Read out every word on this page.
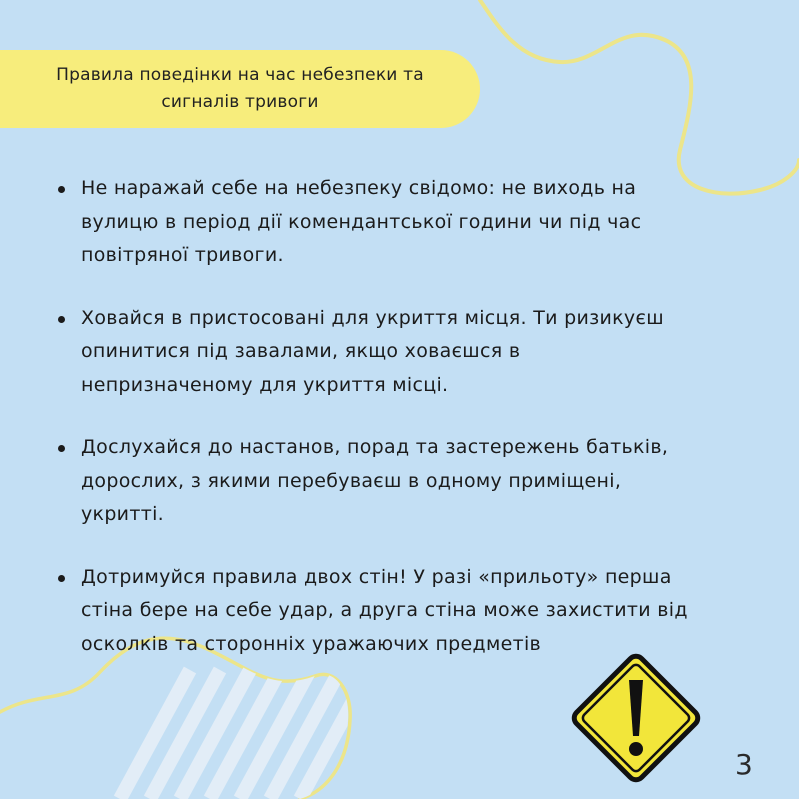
Правила поведінки на час небезпеки та
сигналів тривоги
Не наражай себе на небезпеку свідомо: не виходь на
вулицю в період дії комендантської години чи під час
повітряної тривоги.
Ховайся в пристосовані для укриття місця. Ти ризикуєш
опинитися під завалами, якщо ховаєшся в
непризначеному для укриття місці.
Дослухайся до настанов, порад та застережень батьків,
дорослих, з якими перебуваєш в одному приміщені,
укритті.
Дотримуйся правила двох стін! У разі «прильоту» перша
стіна бере на себе удар, а друга стіна може захистити від
осколків та сторонніх уражаючих предметів
3
